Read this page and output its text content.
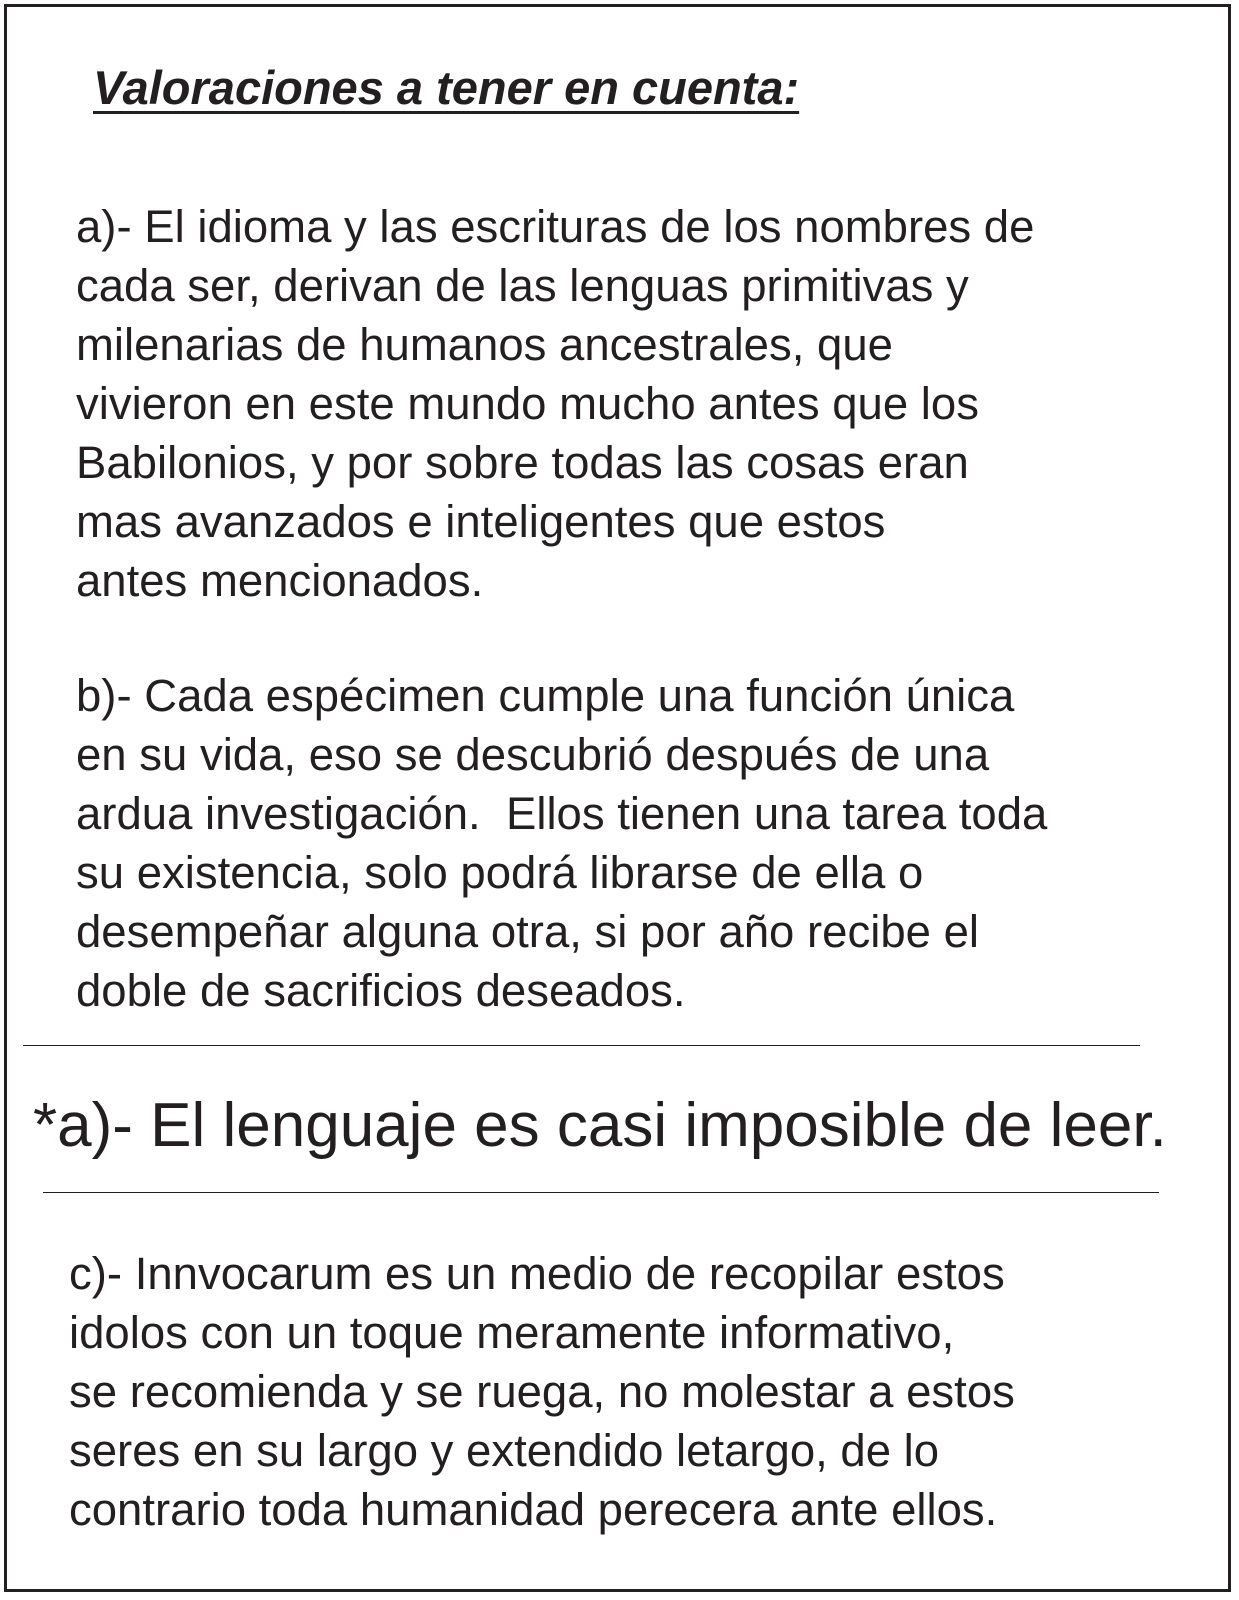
Valoraciones a tener en cuenta:

a)- El idioma y las escrituras de los nombres de
cada ser, derivan de las lenguas primitivas y
milenarias de humanos ancestrales, que
vivieron en este mundo mucho antes que los
Babilonios, y por sobre todas las cosas eran
mas avanzados e inteligentes que estos
antes mencionados.

b)- Cada espécimen cumple una función única
en su vida, eso se descubrió después de una
ardua investigación.  Ellos tienen una tarea toda
su existencia, solo podrá librarse de ella o
desempeñar alguna otra, si por año recibe el
doble de sacrificios deseados.

*a)- El lenguaje es casi imposible de leer.

c)- Innvocarum es un medio de recopilar estos
idolos con un toque meramente informativo,
se recomienda y se ruega, no molestar a estos
seres en su largo y extendido letargo, de lo
contrario toda humanidad perecera ante ellos.
